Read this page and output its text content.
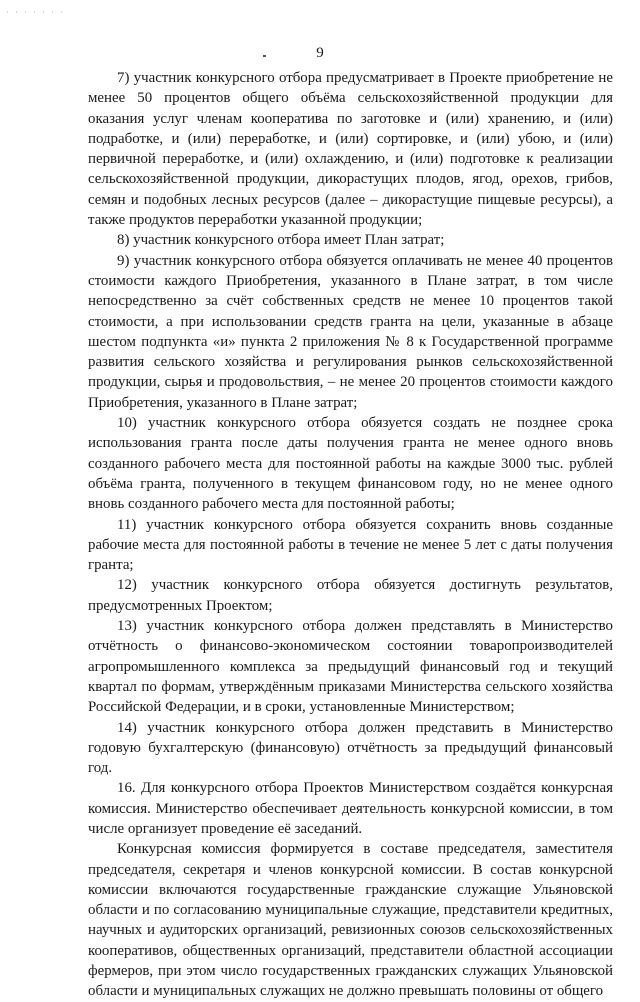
· · · · · · ·
9

7) участник конкурсного отбора предусматривает в Проекте приобретение не менее 50 процентов общего объёма сельскохозяйственной продукции для оказания услуг членам кооператива по заготовке и (или) хранению, и (или) подработке, и (или) переработке, и (или) сортировке, и (или) убою, и (или) первичной переработке, и (или) охлаждению, и (или) подготовке к реализации сельскохозяйственной продукции, дикорастущих плодов, ягод, орехов, грибов, семян и подобных лесных ресурсов (далее – дикорастущие пищевые ресурсы), а также продуктов переработки указанной продукции;

8) участник конкурсного отбора имеет План затрат;

9) участник конкурсного отбора обязуется оплачивать не менее 40 процентов стоимости каждого Приобретения, указанного в Плане затрат, в том числе непосредственно за счёт собственных средств не менее 10 процентов такой стоимости, а при использовании средств гранта на цели, указанные в абзаце шестом подпункта «и» пункта 2 приложения № 8 к Государственной программе развития сельского хозяйства и регулирования рынков сельскохозяйственной продукции, сырья и продовольствия, – не менее 20 процентов стоимости каждого Приобретения, указанного в Плане затрат;

10) участник конкурсного отбора обязуется создать не позднее срока использования гранта после даты получения гранта не менее одного вновь созданного рабочего места для постоянной работы на каждые 3000 тыс. рублей объёма гранта, полученного в текущем финансовом году, но не менее одного вновь созданного рабочего места для постоянной работы;

11) участник конкурсного отбора обязуется сохранить вновь созданные рабочие места для постоянной работы в течение не менее 5 лет с даты получения гранта;

12) участник конкурсного отбора обязуется достигнуть результатов, предусмотренных Проектом;

13) участник конкурсного отбора должен представлять в Министерство отчётность о финансово-экономическом состоянии товаропроизводителей агропромышленного комплекса за предыдущий финансовый год и текущий квартал по формам, утверждённым приказами Министерства сельского хозяйства Российской Федерации, и в сроки, установленные Министерством;

14) участник конкурсного отбора должен представить в Министерство годовую бухгалтерскую (финансовую) отчётность за предыдущий финансовый год.

16. Для конкурсного отбора Проектов Министерством создаётся конкурсная комиссия. Министерство обеспечивает деятельность конкурсной комиссии, в том числе организует проведение её заседаний.

Конкурсная комиссия формируется в составе председателя, заместителя председателя, секретаря и членов конкурсной комиссии. В состав конкурсной комиссии включаются государственные гражданские служащие Ульяновской области и по согласованию муниципальные служащие, представители кредитных, научных и аудиторских организаций, ревизионных союзов сельскохозяйственных кооперативов, общественных организаций, представители областной ассоциации фермеров, при этом число государственных гражданских служащих Ульяновской области и муниципальных служащих не должно превышать половины от общего
